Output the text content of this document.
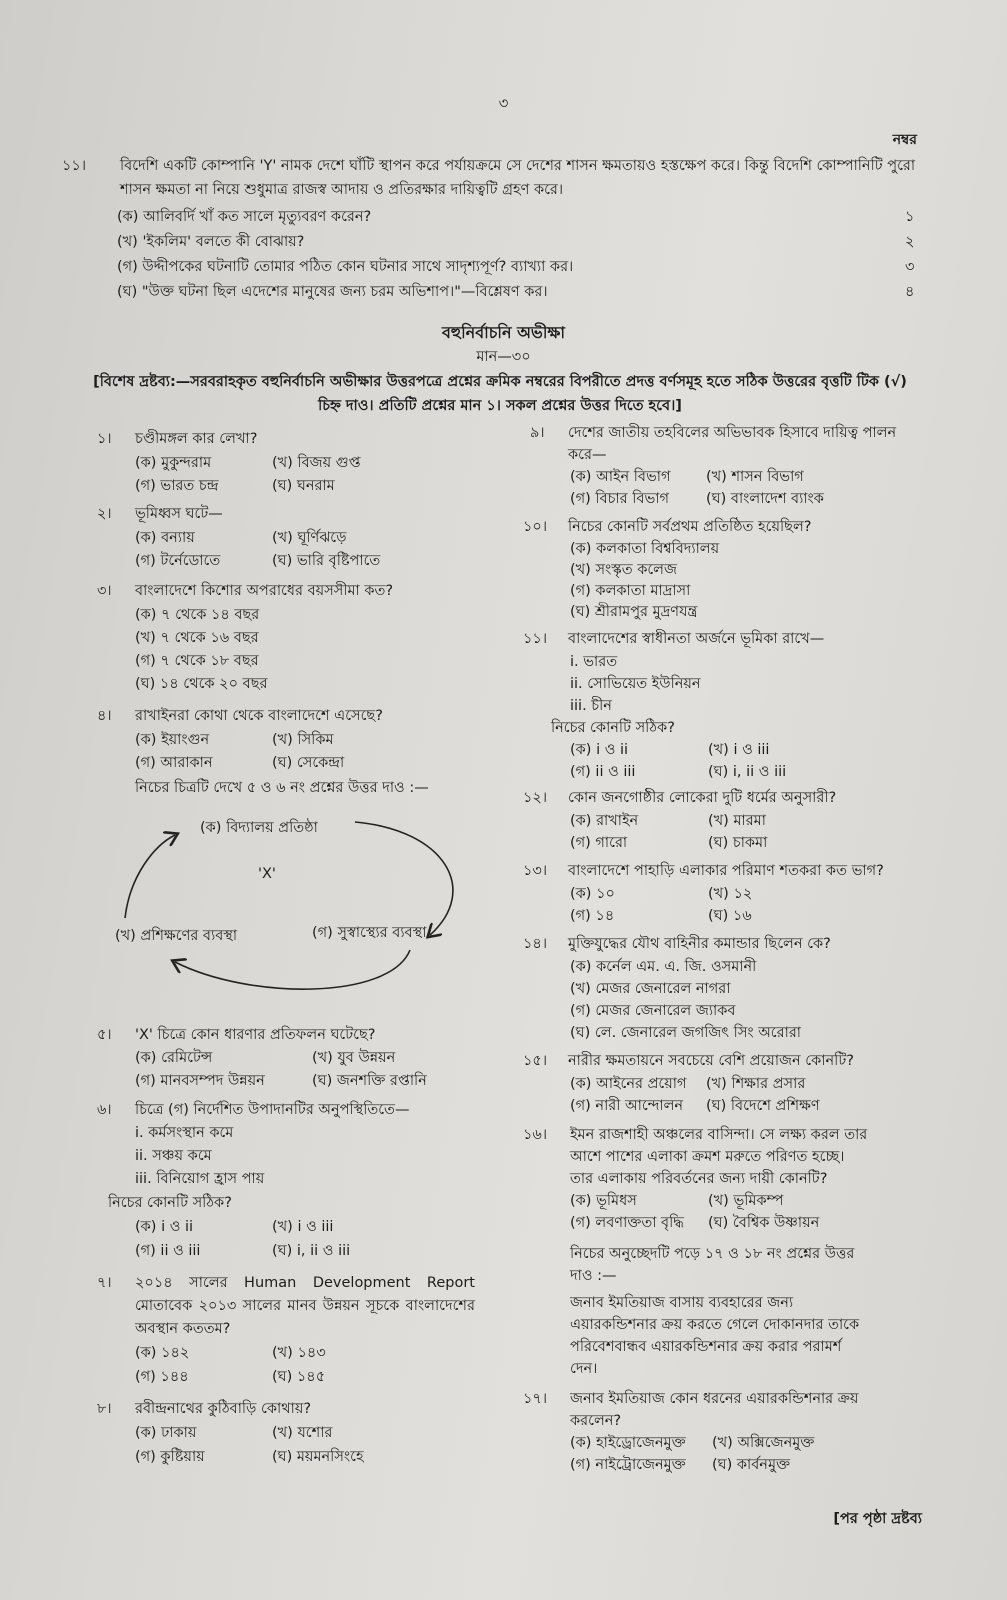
৩
নম্বর
১১। বিদেশি একটি কোম্পানি 'Y' নামক দেশে ঘাঁটি স্থাপন করে পর্যায়ক্রমে সে দেশের শাসন ক্ষমতায়ও হস্তক্ষেপ করে। কিন্তু বিদেশি কোম্পানিটি পুরো শাসন ক্ষমতা না নিয়ে শুধুমাত্র রাজস্ব আদায় ও প্রতিরক্ষার দায়িত্বটি গ্রহণ করে।
(ক) আলিবর্দি খাঁ কত সালে মৃত্যুবরণ করেন?	১
(খ) 'ইকলিম' বলতে কী বোঝায়?	২
(গ) উদ্দীপকের ঘটনাটি তোমার পঠিত কোন ঘটনার সাথে সাদৃশ্যপূর্ণ? ব্যাখ্যা কর।	৩
(ঘ) "উক্ত ঘটনা ছিল এদেশের মানুষের জন্য চরম অভিশাপ।"—বিশ্লেষণ কর।	৪
বহুনির্বাচনি অভীক্ষা
মান—৩০
[বিশেষ দ্রষ্টব্য:—সরবরাহকৃত বহুনির্বাচনি অভীক্ষার উত্তরপত্রে প্রশ্নের ক্রমিক নম্বরের বিপরীতে প্রদত্ত বর্ণসমূহ হতে সঠিক উত্তরের বৃত্তটি টিক (√) চিহ্ন দাও। প্রতিটি প্রশ্নের মান ১। সকল প্রশ্নের উত্তর দিতে হবে।]
১। চণ্ডীমঙ্গল কার লেখা?
(ক) মুকুন্দরাম	(খ) বিজয় গুপ্ত
(গ) ভারত চন্দ্র	(ঘ) ঘনরাম
২। ভূমিধ্বস ঘটে—
(ক) বন্যায়	(খ) ঘূর্ণিঝড়ে
(গ) টর্নেডোতে	(ঘ) ভারি বৃষ্টিপাতে
৩। বাংলাদেশে কিশোর অপরাধের বয়সসীমা কত?
(ক) ৭ থেকে ১৪ বছর
(খ) ৭ থেকে ১৬ বছর
(গ) ৭ থেকে ১৮ বছর
(ঘ) ১৪ থেকে ২০ বছর
৪। রাখাইনরা কোথা থেকে বাংলাদেশে এসেছে?
(ক) ইয়াংগুন	(খ) সিকিম
(গ) আরাকান	(ঘ) সেকেন্দ্রা
নিচের চিত্রটি দেখে ৫ ও ৬ নং প্রশ্নের উত্তর দাও :—
(ক) বিদ্যালয় প্রতিষ্ঠা
'X'
(খ) প্রশিক্ষণের ব্যবস্থা	(গ) সুস্বাস্থ্যের ব্যবস্থা
৫। 'X' চিত্রে কোন ধারণার প্রতিফলন ঘটেছে?
(ক) রেমিটেন্স	(খ) যুব উন্নয়ন
(গ) মানবসম্পদ উন্নয়ন	(ঘ) জনশক্তি রপ্তানি
৬। চিত্রে (গ) নির্দেশিত উপাদানটির অনুপস্থিতিতে—
i. কর্মসংস্থান কমে
ii. সঞ্চয় কমে
iii. বিনিয়োগ হ্রাস পায়
নিচের কোনটি সঠিক?
(ক) i ও ii	(খ) i ও iii
(গ) ii ও iii	(ঘ) i, ii ও iii
৭। ২০১৪ সালের Human Development Report মোতাবেক ২০১৩ সালের মানব উন্নয়ন সূচকে বাংলাদেশের অবস্থান কততম?
(ক) ১৪২	(খ) ১৪৩
(গ) ১৪৪	(ঘ) ১৪৫
৮। রবীন্দ্রনাথের কুঠিবাড়ি কোথায়?
(ক) ঢাকায়	(খ) যশোর
(গ) কুষ্টিয়ায়	(ঘ) ময়মনসিংহে
৯। দেশের জাতীয় তহবিলের অভিভাবক হিসাবে দায়িত্ব পালন করে—
(ক) আইন বিভাগ (খ) শাসন বিভাগ
(গ) বিচার বিভাগ	(ঘ) বাংলাদেশ ব্যাংক
১০। নিচের কোনটি সর্বপ্রথম প্রতিষ্ঠিত হয়েছিল?
(ক) কলকাতা বিশ্ববিদ্যালয়
(খ) সংস্কৃত কলেজ
(গ) কলকাতা মাদ্রাসা
(ঘ) শ্রীরামপুর মুদ্রণযন্ত্র
১১। বাংলাদেশের স্বাধীনতা অর্জনে ভূমিকা রাখে—
i. ভারত
ii. সোভিয়েত ইউনিয়ন
iii. চীন
নিচের কোনটি সঠিক?
(ক) i ও ii	(খ) i ও iii
(গ) ii ও iii	(ঘ) i, ii ও iii
১২। কোন জনগোষ্ঠীর লোকেরা দুটি ধর্মের অনুসারী?
(ক) রাখাইন	(খ) মারমা
(গ) গারো	(ঘ) চাকমা
১৩। বাংলাদেশে পাহাড়ি এলাকার পরিমাণ শতকরা কত ভাগ?
(ক) ১০	(খ) ১২
(গ) ১৪	(ঘ) ১৬
১৪। মুক্তিযুদ্ধের যৌথ বাহিনীর কমান্ডার ছিলেন কে?
(ক) কর্নেল এম. এ. জি. ওসমানী
(খ) মেজর জেনারেল নাগরা
(গ) মেজর জেনারেল জ্যাকব
(ঘ) লে. জেনারেল জগজিৎ সিং অরোরা
১৫। নারীর ক্ষমতায়নে সবচেয়ে বেশি প্রয়োজন কোনটি?
(ক) আইনের প্রয়োগ (খ) শিক্ষার প্রসার
(গ) নারী আন্দোলন (ঘ) বিদেশে প্রশিক্ষণ
১৬। ইমন রাজশাহী অঞ্চলের বাসিন্দা। সে লক্ষ্য করল তার
আশে পাশের এলাকা ক্রমশ মরুতে পরিণত হচ্ছে।
তার এলাকায় পরিবর্তনের জন্য দায়ী কোনটি?
(ক) ভূমিধস	(খ) ভূমিকম্প
(গ) লবণাক্ততা বৃদ্ধি (ঘ) বৈশ্বিক উষ্ণায়ন
নিচের অনুচ্ছেদটি পড়ে ১৭ ও ১৮ নং প্রশ্নের উত্তর
দাও :—
জনাব ইমতিয়াজ বাসায় ব্যবহারের জন্য
এয়ারকন্ডিশনার ক্রয় করতে গেলে দোকানদার তাকে
পরিবেশবান্ধব এয়ারকন্ডিশনার ক্রয় করার পরামর্শ
দেন।
১৭। জনাব ইমতিয়াজ কোন ধরনের এয়ারকন্ডিশনার ক্রয়
করলেন?
(ক) হাইড্রোজেনমুক্ত (খ) অক্সিজেনমুক্ত
(গ) নাইট্রোজেনমুক্ত (ঘ) কার্বনমুক্ত
[পর পৃষ্ঠা দ্রষ্টব্য
